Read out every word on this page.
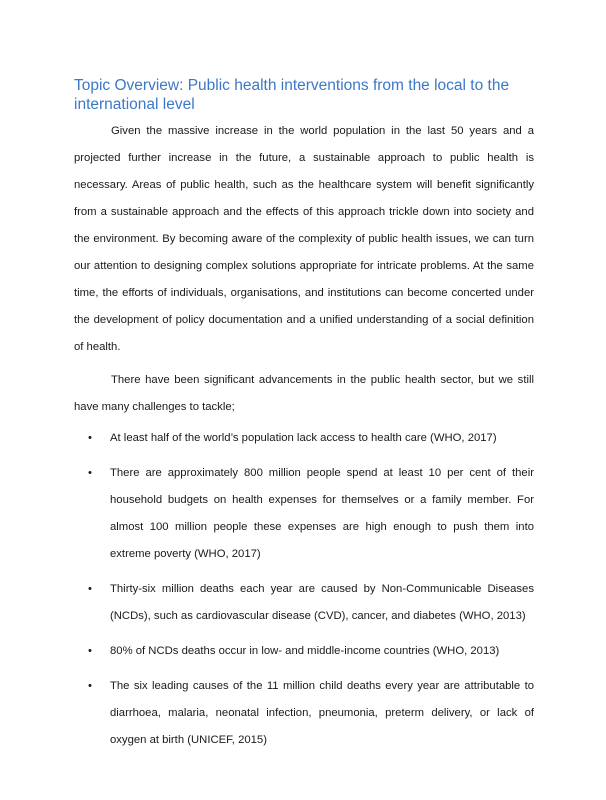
Topic Overview: Public health interventions from the local to the international level

Given the massive increase in the world population in the last 50 years and a projected further increase in the future, a sustainable approach to public health is necessary. Areas of public health, such as the healthcare system will benefit significantly from a sustainable approach and the effects of this approach trickle down into society and the environment. By becoming aware of the complexity of public health issues, we can turn our attention to designing complex solutions appropriate for intricate problems. At the same time, the efforts of individuals, organisations, and institutions can become concerted under the development of policy documentation and a unified understanding of a social definition of health.

There have been significant advancements in the public health sector, but we still have many challenges to tackle;

• At least half of the world’s population lack access to health care (WHO, 2017)
• There are approximately 800 million people spend at least 10 per cent of their household budgets on health expenses for themselves or a family member. For almost 100 million people these expenses are high enough to push them into extreme poverty (WHO, 2017)
• Thirty-six million deaths each year are caused by Non-Communicable Diseases (NCDs), such as cardiovascular disease (CVD), cancer, and diabetes (WHO, 2013)
• 80% of NCDs deaths occur in low- and middle-income countries (WHO, 2013)
• The six leading causes of the 11 million child deaths every year are attributable to diarrhoea, malaria, neonatal infection, pneumonia, preterm delivery, or lack of oxygen at birth (UNICEF, 2015)
